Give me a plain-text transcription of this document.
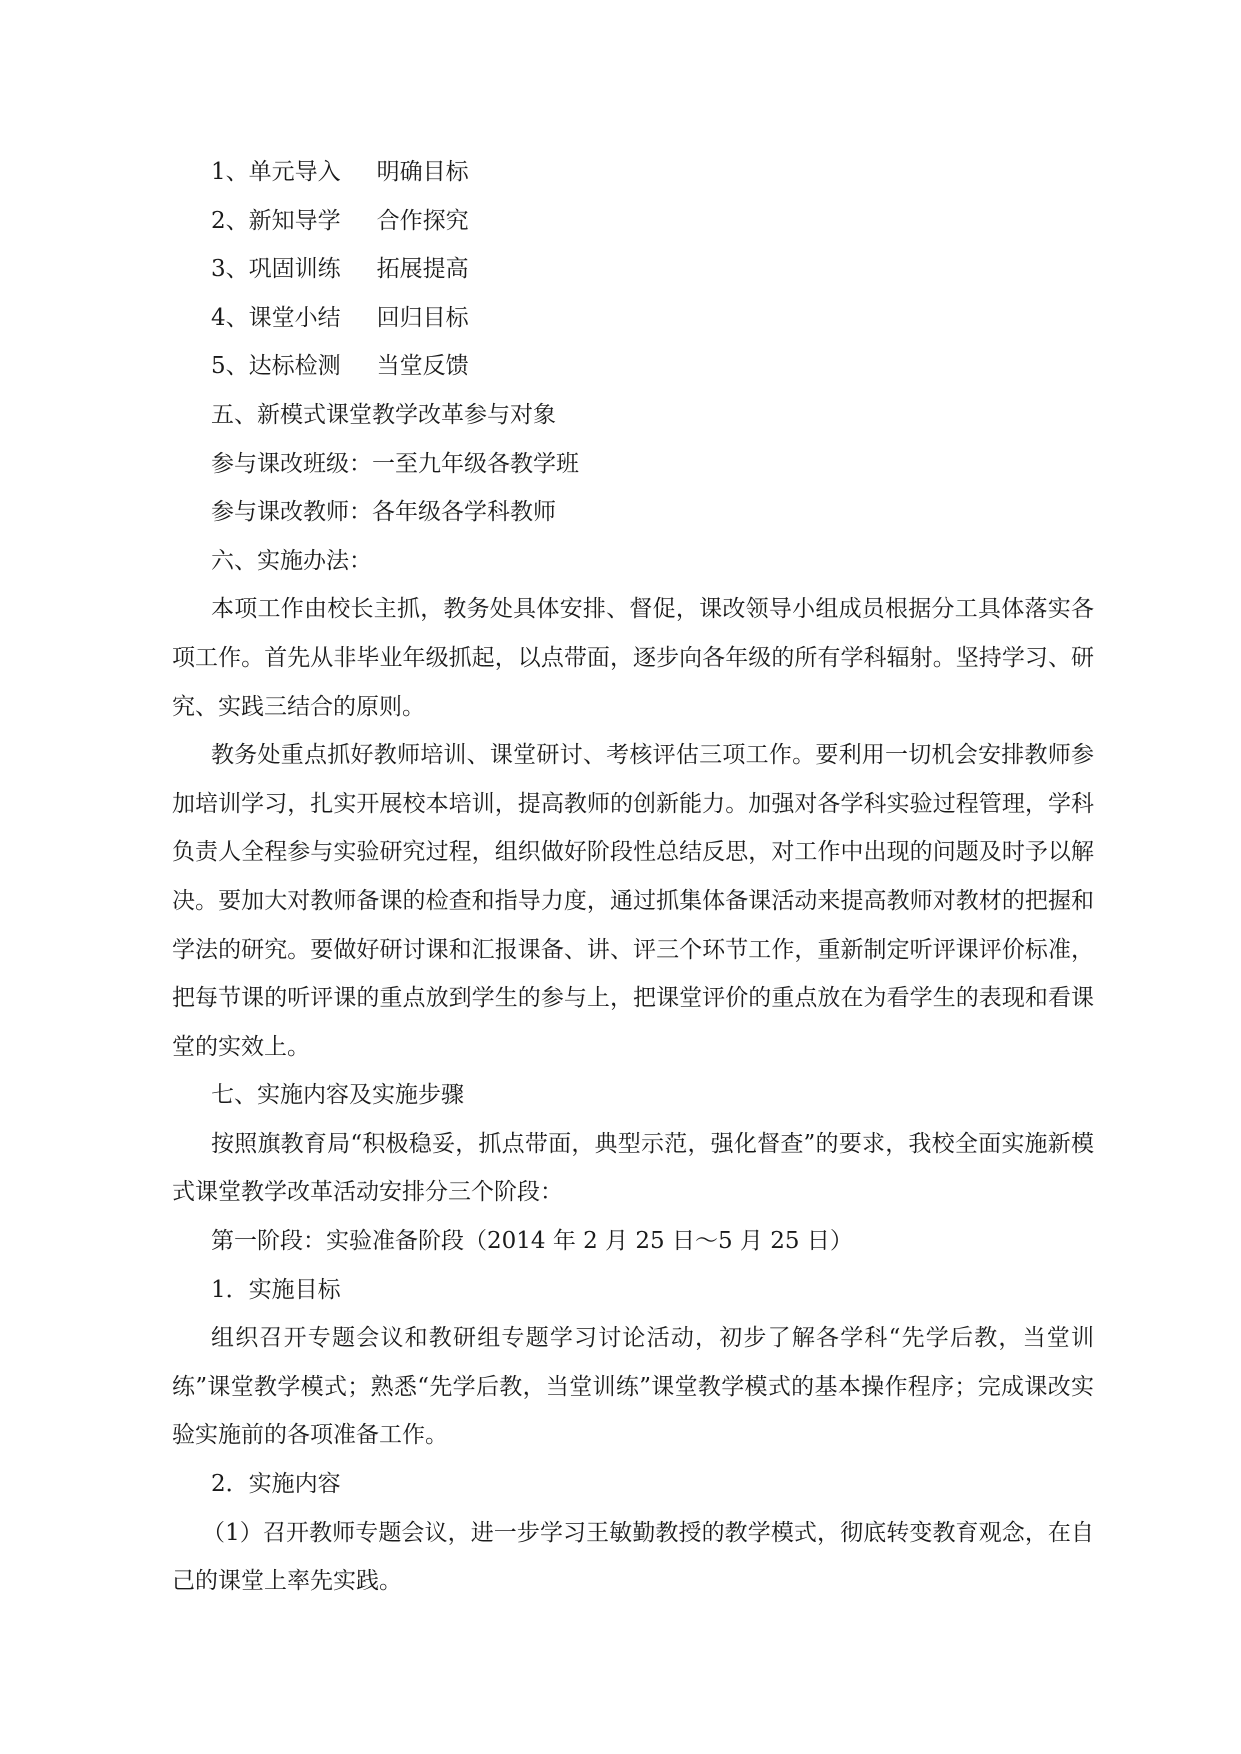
1、单元导入 明确目标
2、新知导学 合作探究
3、巩固训练 拓展提高
4、课堂小结 回归目标
5、达标检测 当堂反馈
五、新模式课堂教学改革参与对象
参与课改班级：一至九年级各教学班
参与课改教师：各年级各学科教师
六、实施办法：

本项工作由校长主抓，教务处具体安排、督促，课改领导小组成员根据分工具体落实各项工作。首先从非毕业年级抓起，以点带面，逐步向各年级的所有学科辐射。坚持学习、研究、实践三结合的原则。

教务处重点抓好教师培训、课堂研讨、考核评估三项工作。要利用一切机会安排教师参加培训学习，扎实开展校本培训，提高教师的创新能力。加强对各学科实验过程管理，学科负责人全程参与实验研究过程，组织做好阶段性总结反思，对工作中出现的问题及时予以解决。要加大对教师备课的检查和指导力度，通过抓集体备课活动来提高教师对教材的把握和学法的研究。要做好研讨课和汇报课备、讲、评三个环节工作，重新制定听评课评价标准，把每节课的听评课的重点放到学生的参与上，把课堂评价的重点放在为看学生的表现和看课堂的实效上。

七、实施内容及实施步骤

按照旗教育局“积极稳妥，抓点带面，典型示范，强化督查”的要求，我校全面实施新模式课堂教学改革活动安排分三个阶段：

第一阶段：实验准备阶段（2014 年 2 月 25 日～5 月 25 日）
1．实施目标

组织召开专题会议和教研组专题学习讨论活动，初步了解各学科“先学后教，当堂训练”课堂教学模式；熟悉“先学后教，当堂训练”课堂教学模式的基本操作程序；完成课改实验实施前的各项准备工作。

2．实施内容

（1）召开教师专题会议，进一步学习王敏勤教授的教学模式，彻底转变教育观念，在自己的课堂上率先实践。
